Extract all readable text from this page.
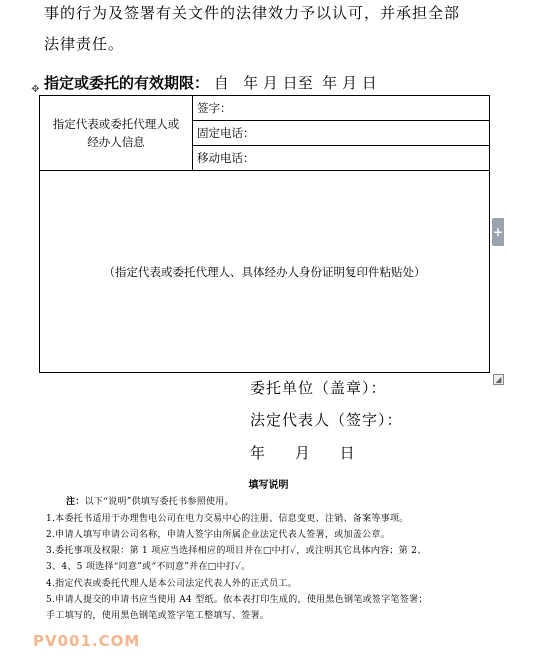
事的行为及签署有关文件的法律效力予以认可，并承担全部
法律责任。
指定或委托的有效期限： 自   年 月 日至  年 月 日
✥
指定代表或委托代理人或
经办人信息
	签字：
固定电话：
移动电话：
（指定代表或委托代理人、具体经办人身份证明复印件粘贴处）
+
◢
委托单位（盖章）：
法定代表人（签字）：
年     月     日
填写说明
注：以下“说明”供填写委托书参照使用。
1.本委托书适用于办理售电公司在电力交易中心的注册、信息变更、注销、备案等事项。
2.申请人填写申请公司名称，申请人签字由所属企业法定代表人签署，或加盖公章。
3.委托事项及权限：第 1 项应当选择相应的项目并在□中打✓，或注明其它具体内容；第 2、
3、4、5 项选择“同意”或“不同意”并在□中打✓。
4.指定代表或委托代理人是本公司法定代表人外的正式员工。
5.申请人提交的申请书应当使用 A4 型纸。依本表打印生成的，使用黑色钢笔或签字笔签署；
手工填写的，使用黑色钢笔或签字笔工整填写、签署。
PV001.COM
